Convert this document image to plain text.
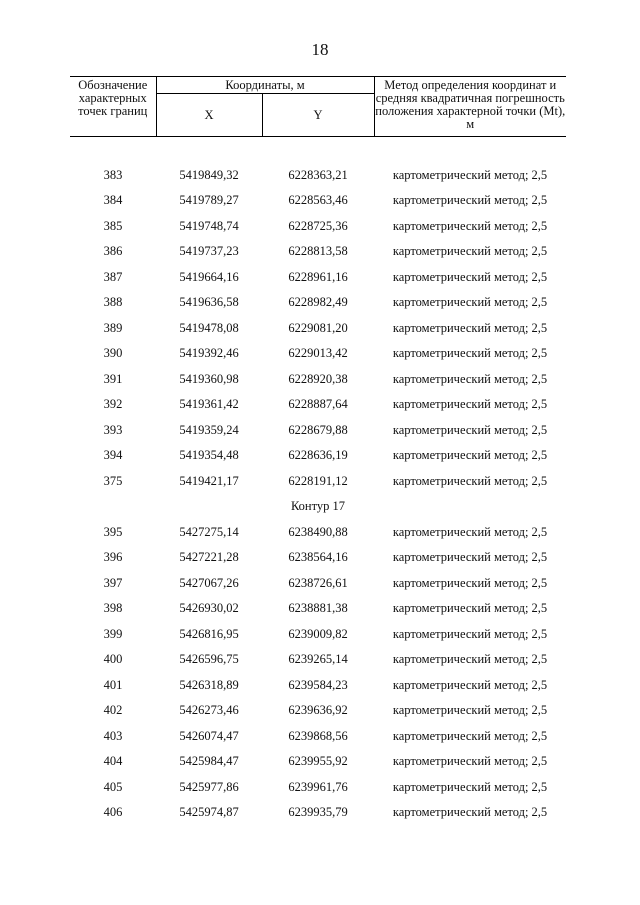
18
Обозначение характерных точек границ	Координаты, м		Метод определения координат и средняя квадратичная погрешность положения характерной точки (Mt), м
	X	Y	

383	5419849,32	6228363,21	картометрический метод; 2,5
384	5419789,27	6228563,46	картометрический метод; 2,5
385	5419748,74	6228725,36	картометрический метод; 2,5
386	5419737,23	6228813,58	картометрический метод; 2,5
387	5419664,16	6228961,16	картометрический метод; 2,5
388	5419636,58	6228982,49	картометрический метод; 2,5
389	5419478,08	6229081,20	картометрический метод; 2,5
390	5419392,46	6229013,42	картометрический метод; 2,5
391	5419360,98	6228920,38	картометрический метод; 2,5
392	5419361,42	6228887,64	картометрический метод; 2,5
393	5419359,24	6228679,88	картометрический метод; 2,5
394	5419354,48	6228636,19	картометрический метод; 2,5
375	5419421,17	6228191,12	картометрический метод; 2,5
Контур 17			
395	5427275,14	6238490,88	картометрический метод; 2,5
396	5427221,28	6238564,16	картометрический метод; 2,5
397	5427067,26	6238726,61	картометрический метод; 2,5
398	5426930,02	6238881,38	картометрический метод; 2,5
399	5426816,95	6239009,82	картометрический метод; 2,5
400	5426596,75	6239265,14	картометрический метод; 2,5
401	5426318,89	6239584,23	картометрический метод; 2,5
402	5426273,46	6239636,92	картометрический метод; 2,5
403	5426074,47	6239868,56	картометрический метод; 2,5
404	5425984,47	6239955,92	картометрический метод; 2,5
405	5425977,86	6239961,76	картометрический метод; 2,5
406	5425974,87	6239935,79	картометрический метод; 2,5
